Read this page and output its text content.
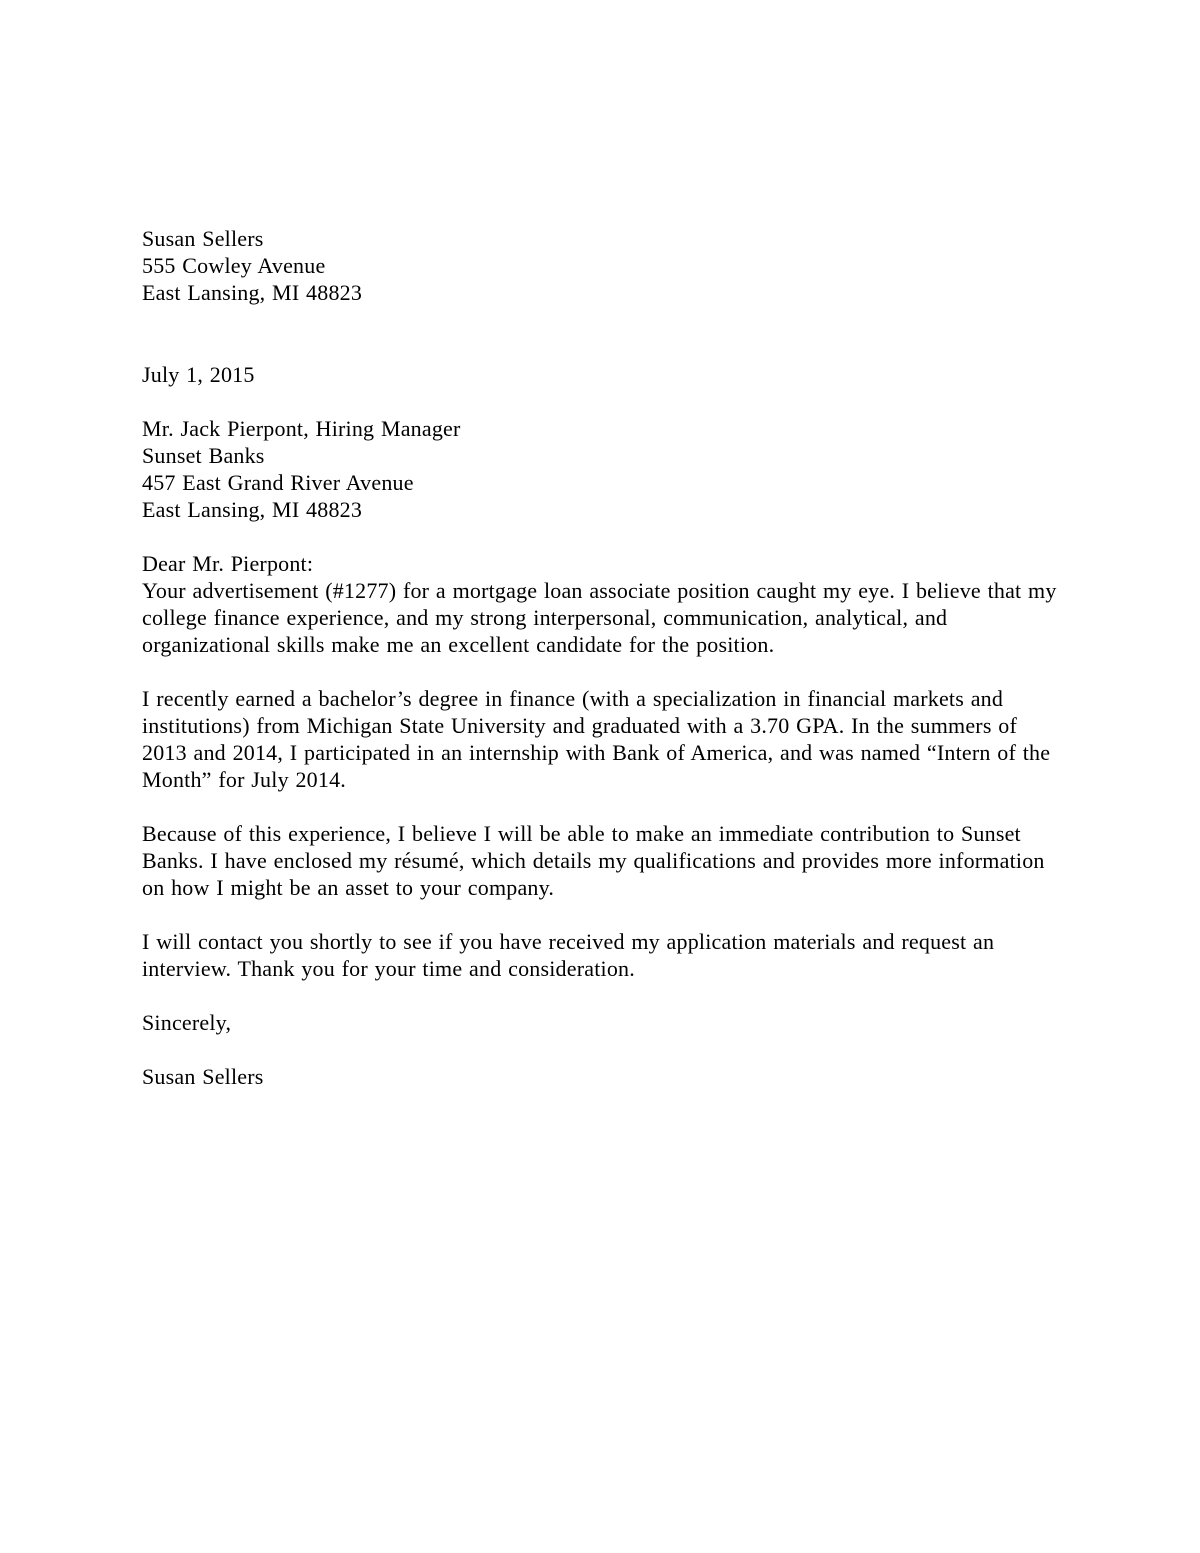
Susan Sellers
555 Cowley Avenue
East Lansing, MI 48823
July 1, 2015
Mr. Jack Pierpont, Hiring Manager
Sunset Banks
457 East Grand River Avenue
East Lansing, MI 48823
Dear Mr. Pierpont:
Your advertisement (#1277) for a mortgage loan associate position caught my eye. I believe that my college finance experience, and my strong interpersonal, communication, analytical, and organizational skills make me an excellent candidate for the position.

I recently earned a bachelor’s degree in finance (with a specialization in financial markets and institutions) from Michigan State University and graduated with a 3.70 GPA. In the summers of 2013 and 2014, I participated in an internship with Bank of America, and was named “Intern of the Month” for July 2014.

Because of this experience, I believe I will be able to make an immediate contribution to Sunset Banks. I have enclosed my résumé, which details my qualifications and provides more information on how I might be an asset to your company.

I will contact you shortly to see if you have received my application materials and request an interview. Thank you for your time and consideration.

Sincerely,
Susan Sellers
